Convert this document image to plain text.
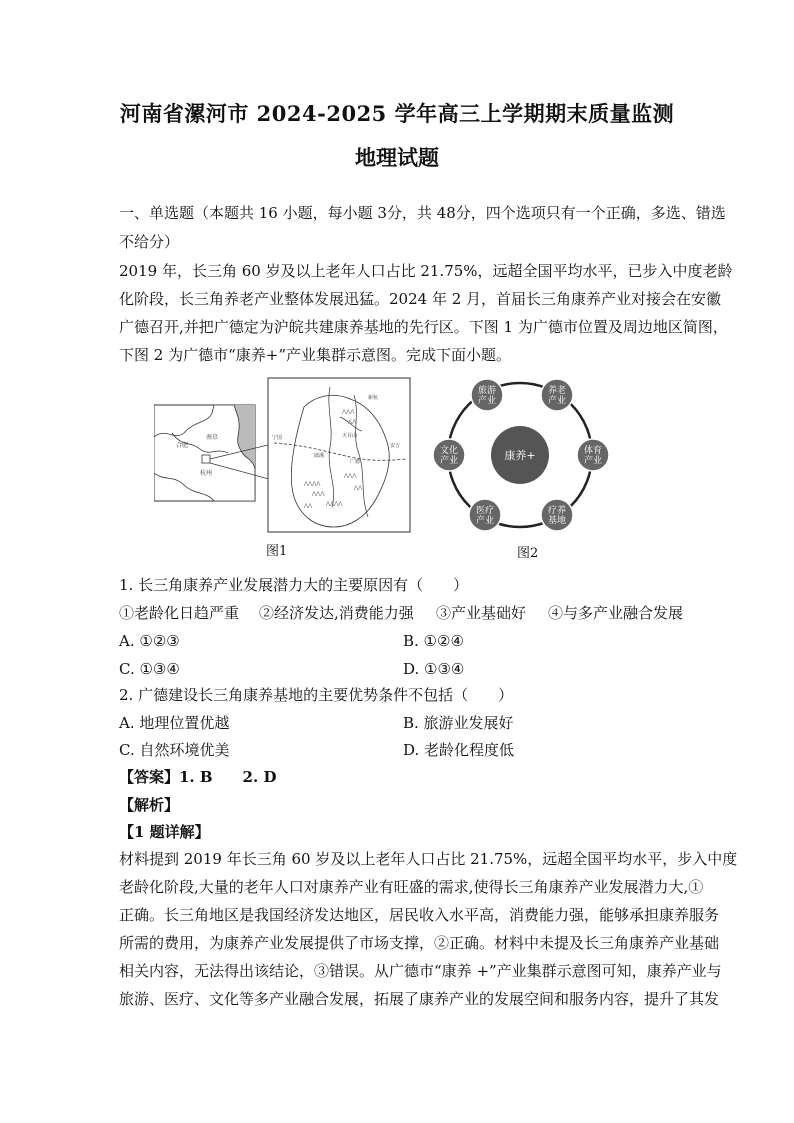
河南省漯河市 2024-2025 学年高三上学期期末质量监测
地理试题
一、单选题（本题共 16 小题，每小题 3分，共 48分，四个选项只有一个正确，多选、错选
不给分）
2019 年，长三角 60 岁及以上老年人口占比 21.75%，远超全国平均水平，已步入中度老龄
化阶段，长三角养老产业整体发展迅猛。2024 年 2 月，首届长三角康养产业对接会在安徽
广德召开,并把广德定为沪皖共建康养基地的先行区。下图 1 为广德市位置及周边地区简图，
下图 2 为广德市“康养+”产业集群示意图。完成下面小题。
合肥
南京
杭州
⋀⋀⋀
⋀⋀
⋀⋀⋀⋀
⋀⋀⋀
⋀⋀⋀⋀
⋀⋀
⋀⋀⋀
⋀⋀
新杭
天目山
宁国
郎溪
广德
安吉
图1
康养+
旅游
产业
养老
产业
体育
产业
疗养
基地
医疗
产业
文化
产业
图2
1. 长三角康养产业发展潜力大的主要原因有（　　）
①老龄化日趋严重 ②经济发达,消费能力强 ③产业基础好 ④与多产业融合发展
A. ①②③	B. ①②④
C. ①③④	D. ①③④
2. 广德建设长三角康养基地的主要优势条件不包括（　　）
A. 地理位置优越	B. 旅游业发展好
C. 自然环境优美	D. 老龄化程度低
【答案】1. B　　2. D
【解析】
【1 题详解】
材料提到 2019 年长三角 60 岁及以上老年人口占比 21.75%，远超全国平均水平，步入中度
老龄化阶段,大量的老年人口对康养产业有旺盛的需求,使得长三角康养产业发展潜力大,①
正确。长三角地区是我国经济发达地区，居民收入水平高，消费能力强，能够承担康养服务
所需的费用，为康养产业发展提供了市场支撑，②正确。材料中未提及长三角康养产业基础
相关内容，无法得出该结论，③错误。从广德市“康养 +”产业集群示意图可知，康养产业与
旅游、医疗、文化等多产业融合发展，拓展了康养产业的发展空间和服务内容，提升了其发
